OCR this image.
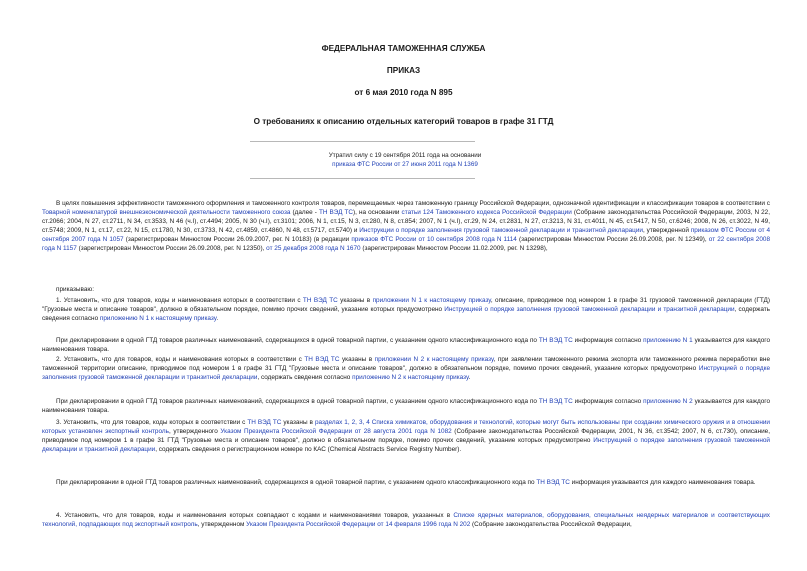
ФЕДЕРАЛЬНАЯ ТАМОЖЕННАЯ СЛУЖБА
ПРИКАЗ
от 6 мая 2010 года N 895
О требованиях к описанию отдельных категорий товаров в графе 31 ГТД
Утратил силу с 19 сентября 2011 года на основании
приказа ФТС России от 27 июня 2011 года N 1369

В целях повышения эффективности таможенного оформления и таможенного контроля товаров, перемещаемых через таможенную границу Российской Федерации, однозначной идентификации и классификации товаров в соответствии с Товарной номенклатурой внешнеэкономической деятельности таможенного союза (далее - ТН ВЭД ТС), на основании статьи 124 Таможенного кодекса Российской Федерации (Собрание законодательства Российской Федерации, 2003, N 22, ст.2066; 2004, N 27, ст.2711, N 34, ст.3533, N 46 (ч.I), ст.4494; 2005, N 30 (ч.I), ст.3101; 2006, N 1, ст.15, N 3, ст.280, N 8, ст.854; 2007, N 1 (ч.I), ст.29, N 24, ст.2831, N 27, ст.3213, N 31, ст.4011, N 45, ст.5417, N 50, ст.6246; 2008, N 26, ст.3022, N 49, ст.5748; 2009, N 1, ст.17, ст.22, N 15, ст.1780, N 30, ст.3733, N 42, ст.4859, ст.4860, N 48, ст.5717, ст.5740) и Инструкции о порядке заполнения грузовой таможенной декларации и транзитной декларации, утвержденной приказом ФТС России от 4 сентября 2007 года N 1057 (зарегистрирован Минюстом России 26.09.2007, рег. N 10183) (в редакции приказов ФТС России от 10 сентября 2008 года N 1114 (зарегистрирован Минюстом России 26.09.2008, рег. N 12349), от 22 сентября 2008 года N 1157 (зарегистрирован Минюстом России 26.09.2008, рег. N 12350), от 25 декабря 2008 года N 1670 (зарегистрирован Минюстом России 11.02.2009, рег. N 13298),

приказываю:

1. Установить, что для товаров, коды и наименования которых в соответствии с ТН ВЭД ТС указаны в приложении N 1 к настоящему приказу, описание, приводимое под номером 1 в графе 31 грузовой таможенной декларации (ГТД) "Грузовые места и описание товаров", должно в обязательном порядке, помимо прочих сведений, указание которых предусмотрено Инструкцией о порядке заполнения грузовой таможенной декларации и транзитной декларации, содержать сведения согласно приложению N 1 к настоящему приказу.

При декларировании в одной ГТД товаров различных наименований, содержащихся в одной товарной партии, с указанием одного классификационного кода по ТН ВЭД ТС информация согласно приложению N 1 указывается для каждого наименования товара.

2. Установить, что для товаров, коды и наименования которых в соответствии с ТН ВЭД ТС указаны в приложении N 2 к настоящему приказу, при заявлении таможенного режима экспорта или таможенного режима переработки вне таможенной территории описание, приводимое под номером 1 в графе 31 ГТД "Грузовые места и описание товаров", должно в обязательном порядке, помимо прочих сведений, указание которых предусмотрено Инструкцией о порядке заполнения грузовой таможенной декларации и транзитной декларации, содержать сведения согласно приложению N 2 к настоящему приказу.

При декларировании в одной ГТД товаров различных наименований, содержащихся в одной товарной партии, с указанием одного классификационного кода по ТН ВЭД ТС информация согласно приложению N 2 указывается для каждого наименования товара.

3. Установить, что для товаров, коды которых в соответствии с ТН ВЭД ТС указаны в разделах 1, 2, 3, 4 Списка химикатов, оборудования и технологий, которые могут быть использованы при создании химического оружия и в отношении которых установлен экспортный контроль, утвержденного Указом Президента Российской Федерации от 28 августа 2001 года N 1082 (Собрание законодательства Российской Федерации, 2001, N 36, ст.3542; 2007, N 6, ст.730), описание, приводимое под номером 1 в графе 31 ГТД "Грузовые места и описание товаров", должно в обязательном порядке, помимо прочих сведений, указание которых предусмотрено Инструкцией о порядке заполнения грузовой таможенной декларации и транзитной декларации, содержать сведения о регистрационном номере по КАС (Chemical Abstracts Service Registry Number).

При декларировании в одной ГТД товаров различных наименований, содержащихся в одной товарной партии, с указанием одного классификационного кода по ТН ВЭД ТС информация указывается для каждого наименования товара.

4. Установить, что для товаров, коды и наименования которых совпадают с кодами и наименованиями товаров, указанных в Списке ядерных материалов, оборудования, специальных неядерных материалов и соответствующих технологий, подпадающих под экспортный контроль, утвержденном Указом Президента Российской Федерации от 14 февраля 1996 года N 202 (Собрание законодательства Российской Федерации,
